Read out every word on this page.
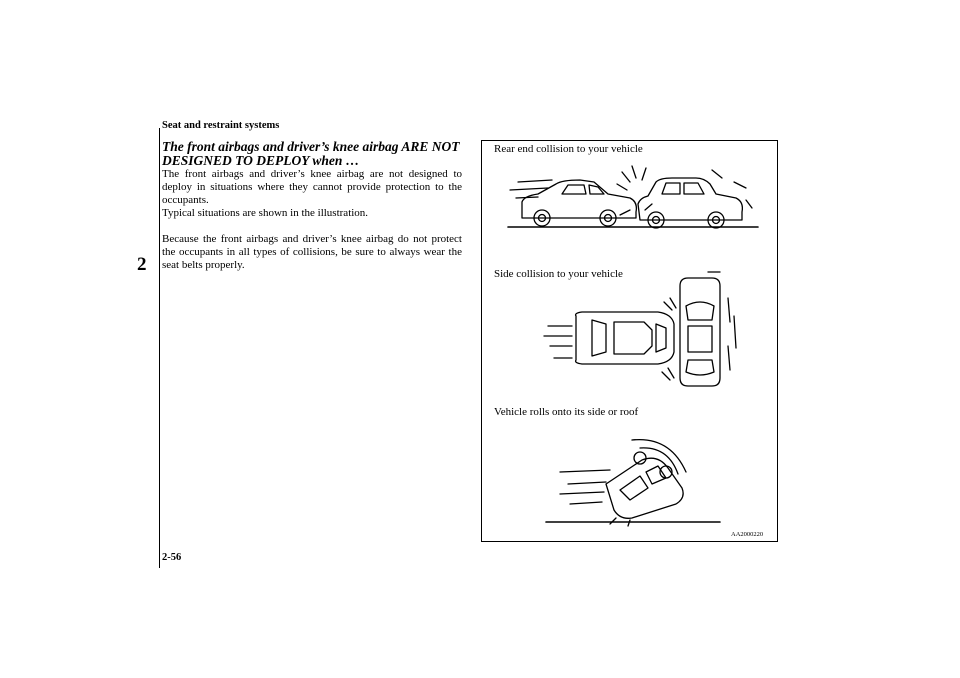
2
Seat and restraint systems
The front airbags and driver’s knee airbag ARE NOT DESIGNED TO DEPLOY when …
The front airbags and driver’s knee airbag are not designed to deploy in situations where they cannot provide protection to the occupants.
Typical situations are shown in the illustration.
Because the front airbags and driver’s knee airbag do not protect the occupants in all types of collisions, be sure to always wear the seat belts properly.
2-56
Rear end collision to your vehicle
Side collision to your vehicle
Vehicle rolls onto its side or roof
AA2000220
